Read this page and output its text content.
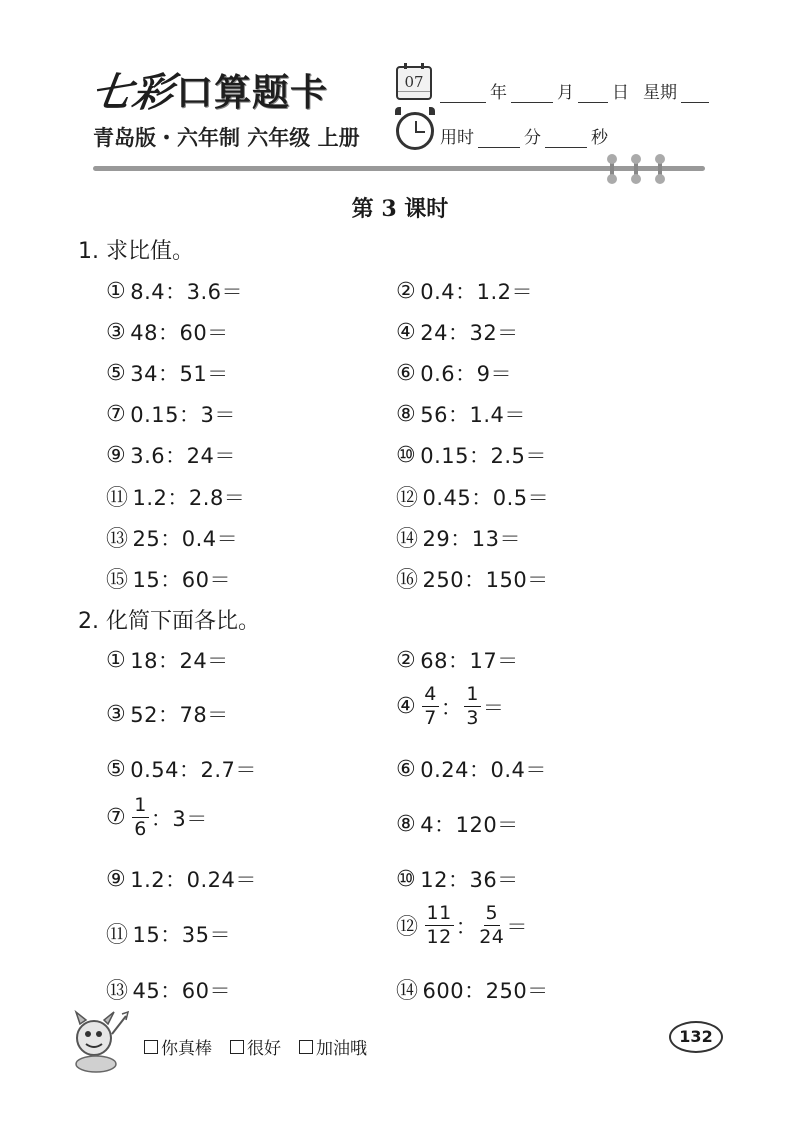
七彩 口算题卡
青岛版・六年制 六年级 上册
07
年	月 日 星期
用时	分	秒
第 3 课时
1. 求比值。
① 8.4：3.6＝	② 0.4：1.2＝
③ 48：60＝	④ 24：32＝
⑤ 34：51＝	⑥ 0.6：9＝
⑦ 0.15：3＝	⑧ 56：1.4＝
⑨ 3.6：24＝	⑩ 0.15：2.5＝
⑪ 1.2：2.8＝	⑫ 0.45：0.5＝
⑬ 25：0.4＝	⑭ 29：13＝
⑮ 15：60＝	⑯ 250：150＝
2. 化简下面各比。
① 18：24＝	② 68：17＝
③ 52：78＝	④ $\frac{4}{7}$ ： $\frac{1}{3}$ ＝
⑤ 0.54：2.7＝	⑥ 0.24：0.4＝
⑦ $\frac{1}{6}$ ：3＝	⑧ 4：120＝
⑨ 1.2：0.24＝	⑩ 12：36＝
⑪ 15：35＝	⑫ $\frac{11}{12}$ ： $\frac{5}{24}$ ＝
⑬ 45：60＝	⑭ 600：250＝
你真棒 很好 加油哦
132
